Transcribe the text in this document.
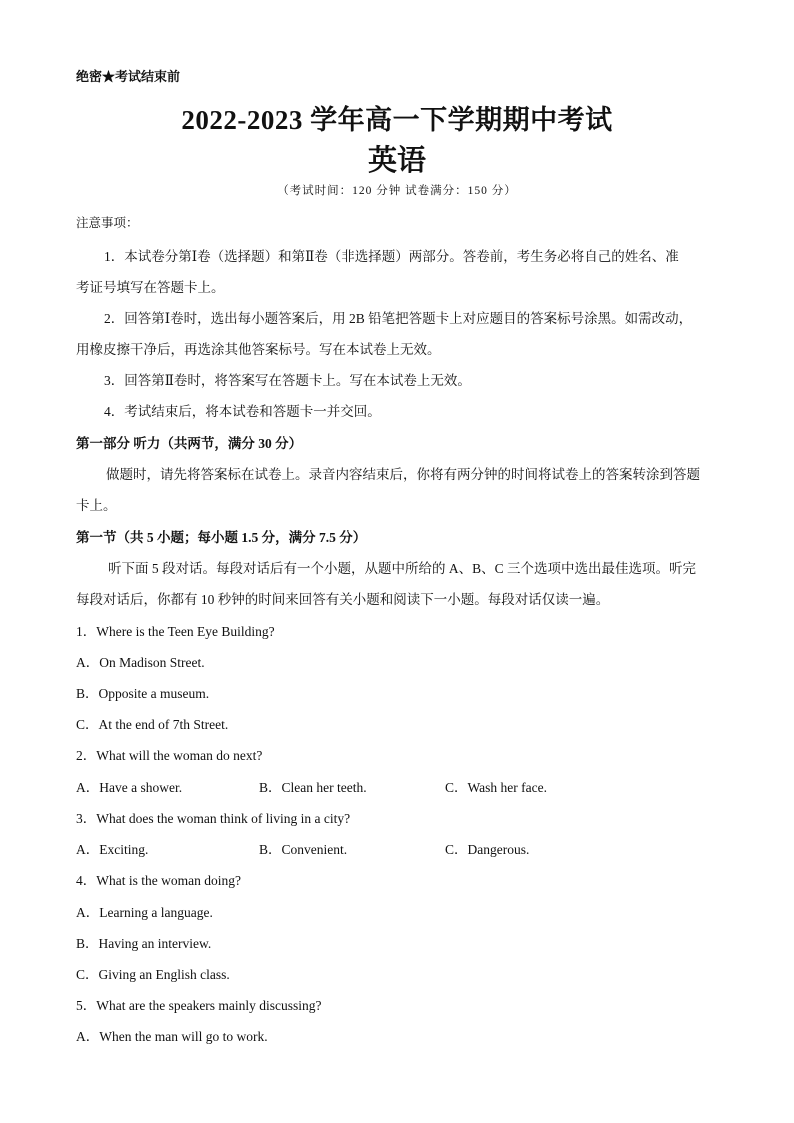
绝密★考试结束前
2022-2023 学年高一下学期期中考试
英语
（考试时间：120 分钟 试卷满分：150 分）
注意事项：
1．本试卷分第Ⅰ卷（选择题）和第Ⅱ卷（非选择题）两部分。答卷前，考生务必将自己的姓名、准
考证号填写在答题卡上。
2．回答第Ⅰ卷时，选出每小题答案后，用 2B 铅笔把答题卡上对应题目的答案标号涂黑。如需改动，
用橡皮擦干净后，再选涂其他答案标号。写在本试卷上无效。
3．回答第Ⅱ卷时，将答案写在答题卡上。写在本试卷上无效。
4．考试结束后，将本试卷和答题卡一并交回。
第一部分 听力（共两节，满分 30 分）
做题时，请先将答案标在试卷上。录音内容结束后，你将有两分钟的时间将试卷上的答案转涂到答题
卡上。
第一节（共 5 小题；每小题 1.5 分，满分 7.5 分）
听下面 5 段对话。每段对话后有一个小题，从题中所给的 A、B、C 三个选项中选出最佳选项。听完
每段对话后，你都有 10 秒钟的时间来回答有关小题和阅读下一小题。每段对话仅读一遍。
1．Where is the Teen Eye Building?
A．On Madison Street.
B．Opposite a museum.
C．At the end of 7th Street.
2．What will the woman do next?
A．Have a shower.	B．Clean her teeth.	C．Wash her face.
3．What does the woman think of living in a city?
A．Exciting.	B．Convenient.	C．Dangerous.
4．What is the woman doing?
A．Learning a language.
B．Having an interview.
C．Giving an English class.
5．What are the speakers mainly discussing?
A．When the man will go to work.
